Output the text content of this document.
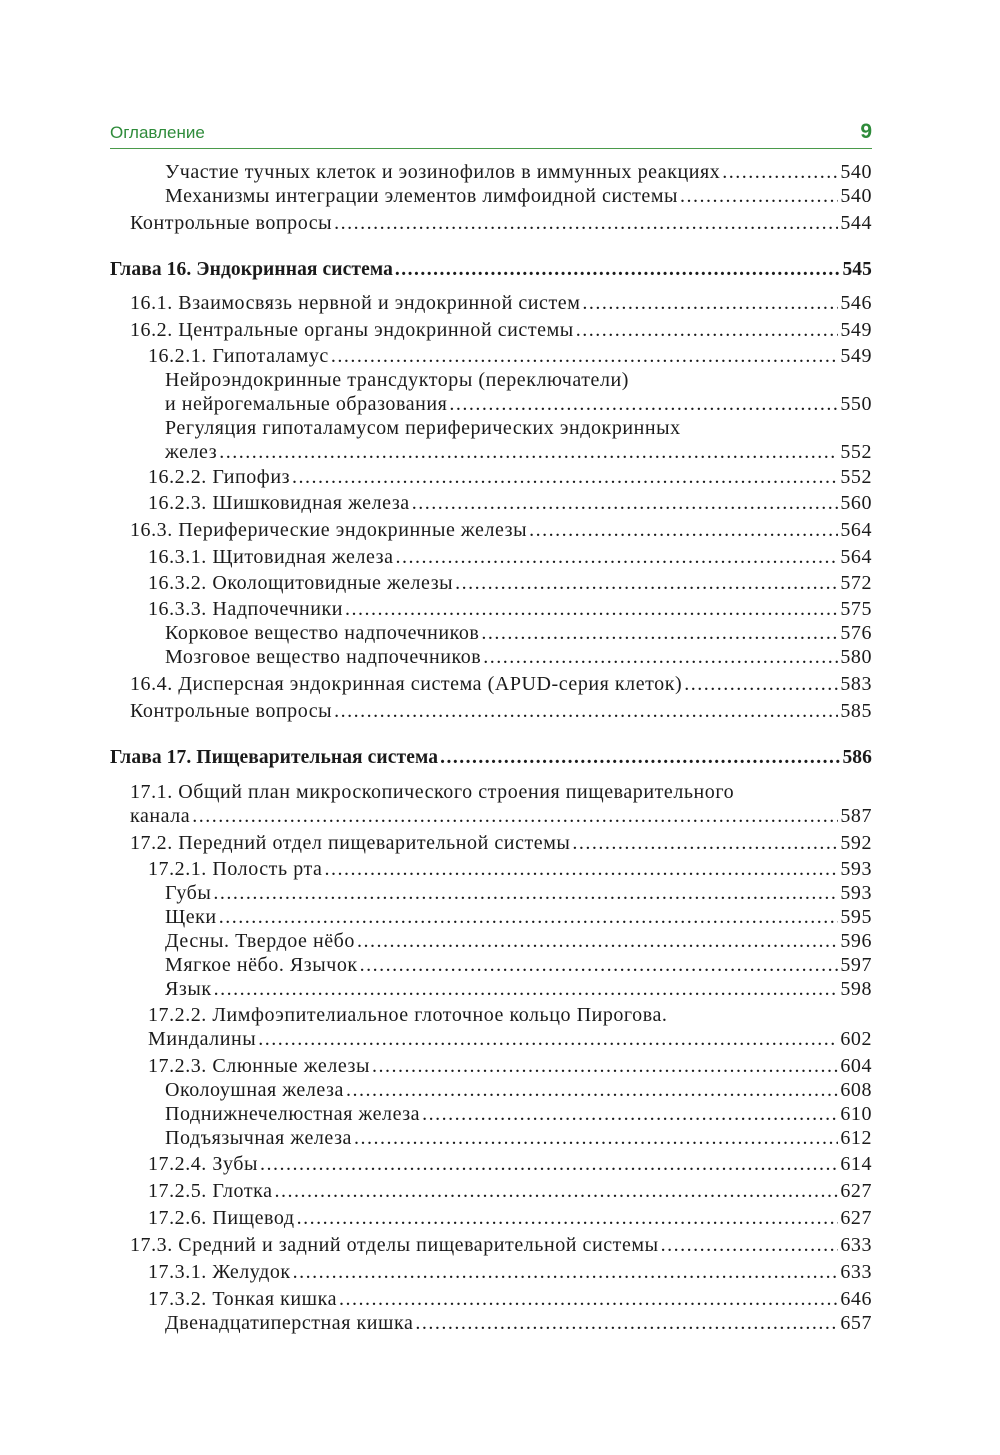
Оглавление	9
Участие тучных клеток и эозинофилов в иммунных реакциях .....	540
Механизмы интеграции элементов лимфоидной системы .....	540
Контрольные вопросы .....	544
Глава 16. Эндокринная система .....	545
16.1. Взаимосвязь нервной и эндокринной систем .....	546
16.2. Центральные органы эндокринной системы .....	549
16.2.1. Гипоталамус .....	549
Нейроэндокринные трансдукторы (переключатели)
и нейрогемальные образования .....	550
Регуляция гипоталамусом периферических эндокринных
желез .....	552
16.2.2. Гипофиз .....	552
16.2.3. Шишковидная железа .....	560
16.3. Периферические эндокринные железы .....	564
16.3.1. Щитовидная железа .....	564
16.3.2. Околощитовидные железы .....	572
16.3.3. Надпочечники .....	575
Корковое вещество надпочечников .....	576
Мозговое вещество надпочечников .....	580
16.4. Дисперсная эндокринная система (APUD-серия клеток) .....	583
Контрольные вопросы .....	585
Глава 17. Пищеварительная система .....	586
17.1. Общий план микроскопического строения пищеварительного
канала .....	587
17.2. Передний отдел пищеварительной системы .....	592
17.2.1. Полость рта .....	593
Губы .....	593
Щеки .....	595
Десны. Твердое нёбо .....	596
Мягкое нёбо. Язычок .....	597
Язык .....	598
17.2.2. Лимфоэпителиальное глоточное кольцо Пирогова.
Миндалины .....	602
17.2.3. Слюнные железы .....	604
Околоушная железа .....	608
Поднижнечелюстная железа .....	610
Подъязычная железа .....	612
17.2.4. Зубы .....	614
17.2.5. Глотка .....	627
17.2.6. Пищевод .....	627
17.3. Средний и задний отделы пищеварительной системы .....	633
17.3.1. Желудок .....	633
17.3.2. Тонкая кишка .....	646
Двенадцатиперстная кишка .....	657
